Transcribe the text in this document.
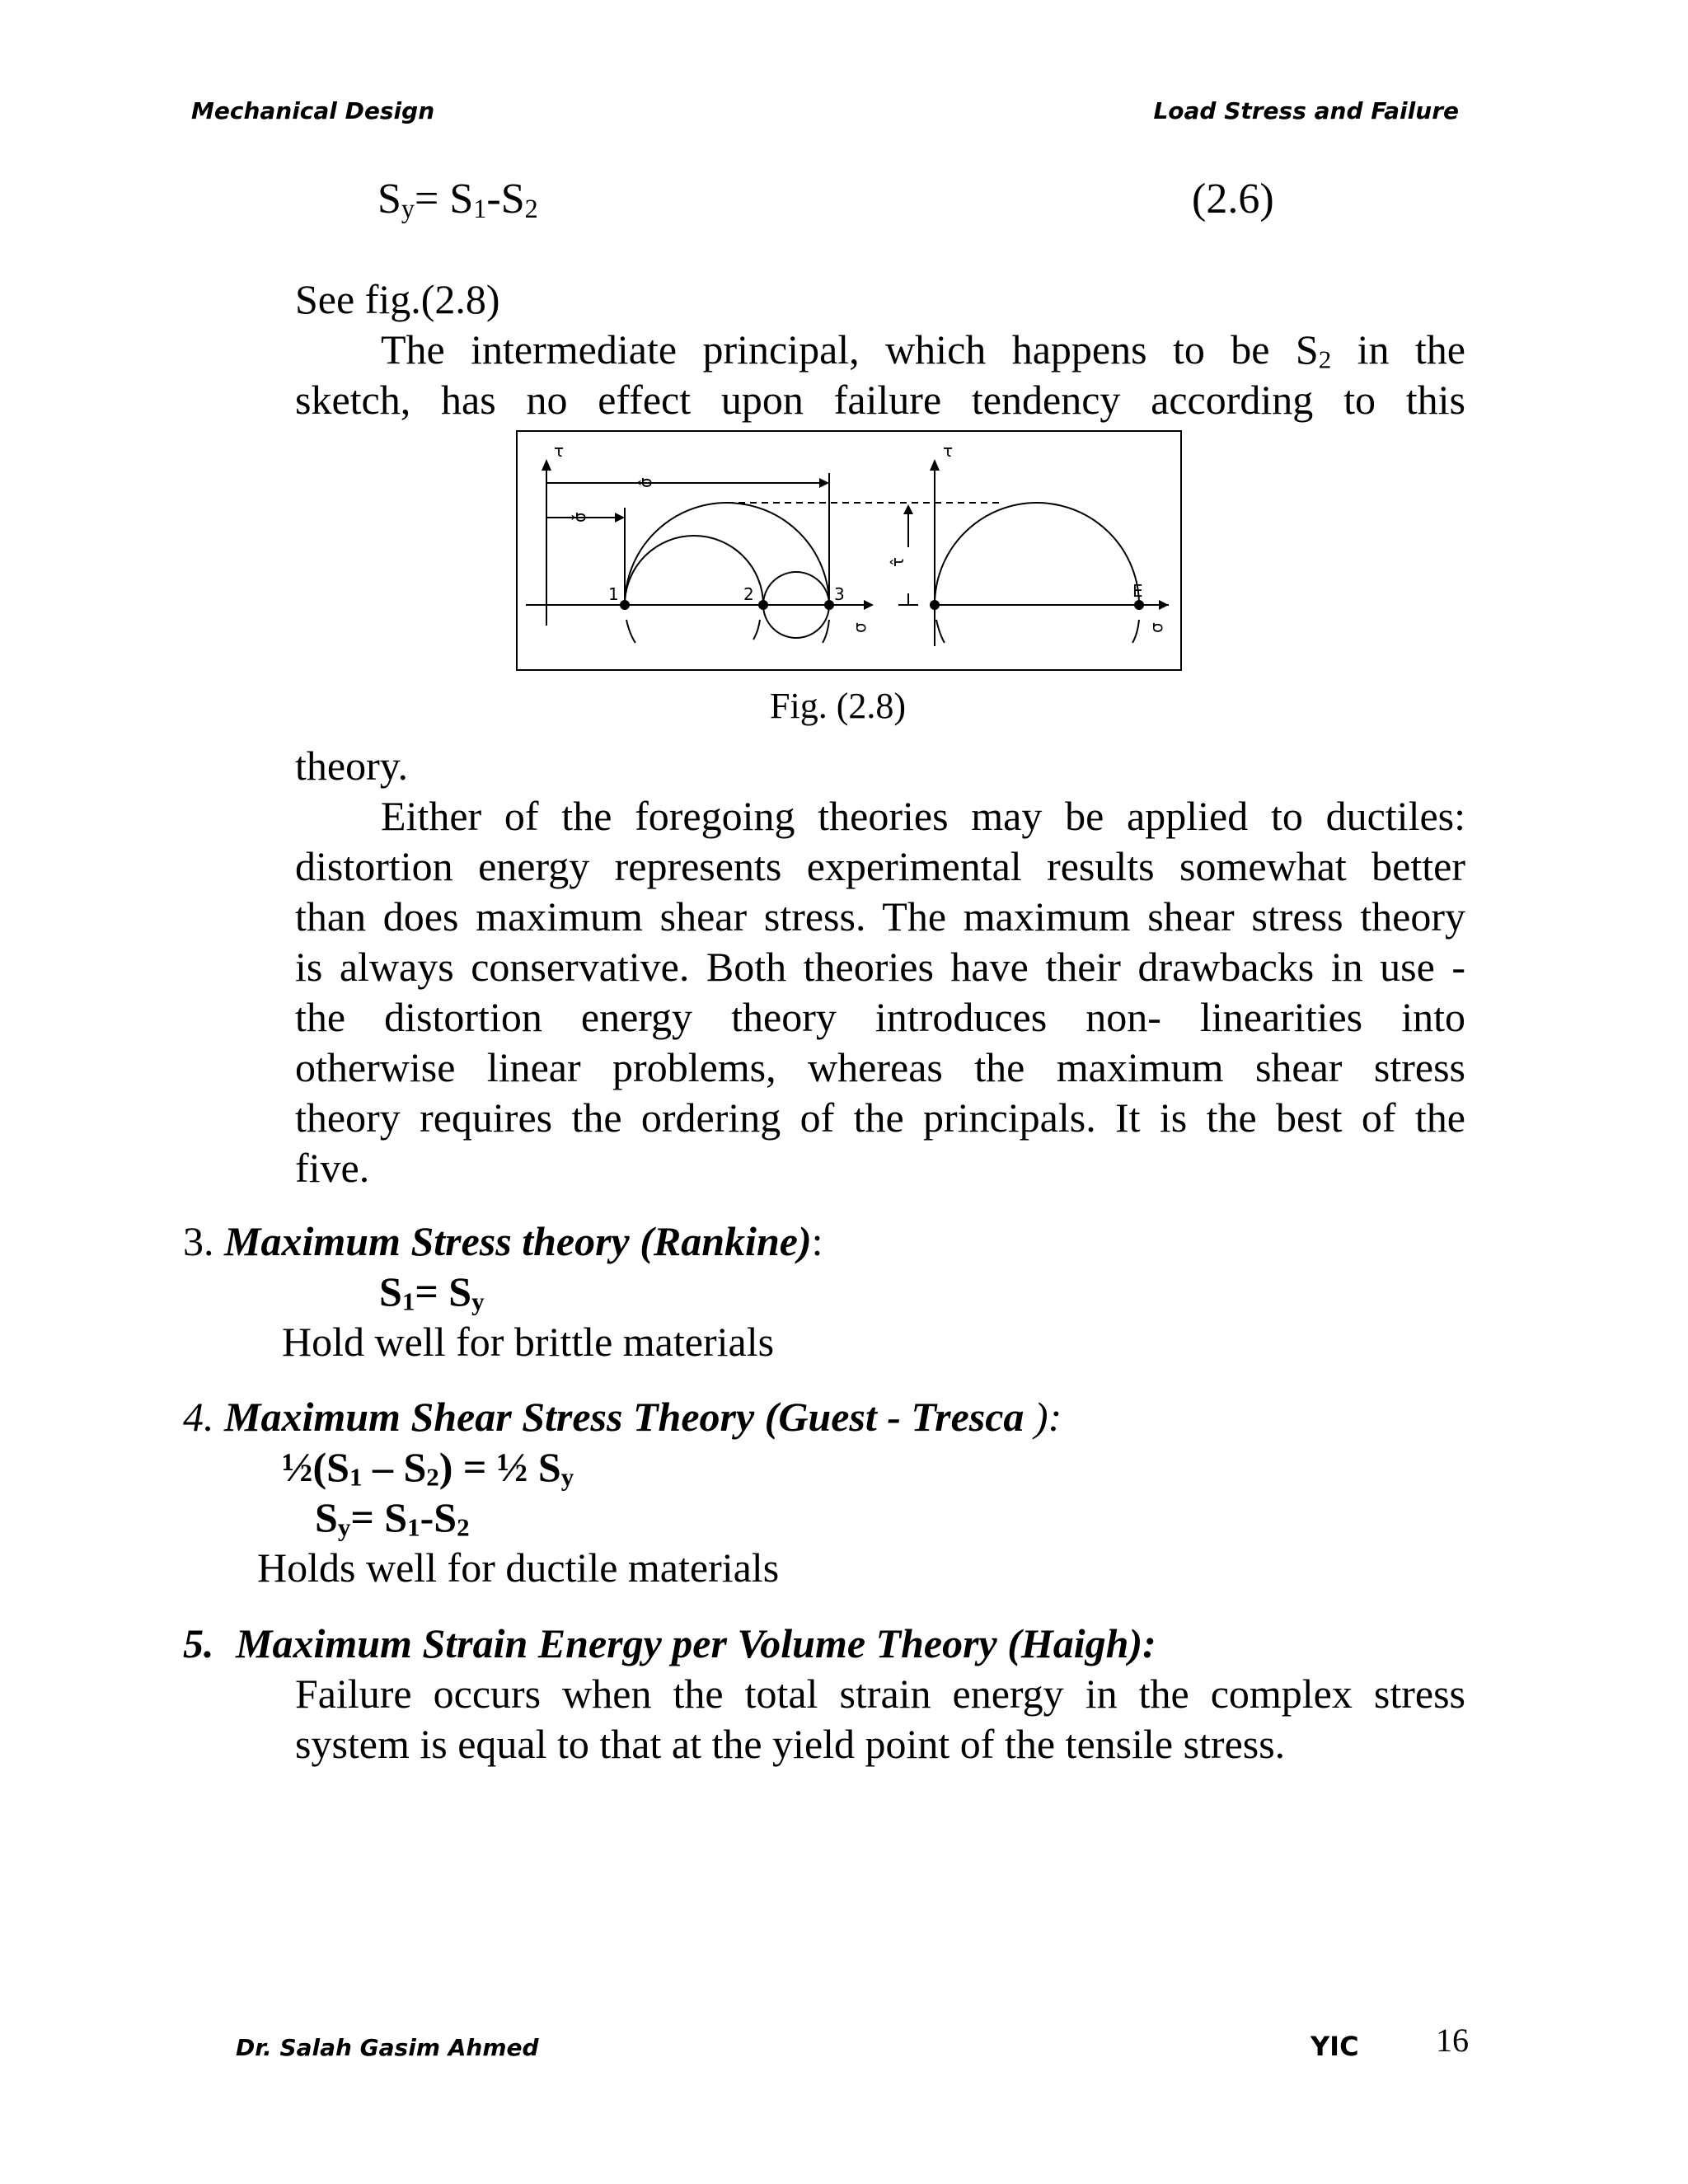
Mechanical Design	Load Stress and Failure
$S_y= S_1-S_2$	(2.6)
See fig.(2.8)
The intermediate principal, which happens to be $S_2$ in the
sketch, has no effect upon failure tendency according to this
τ
σ
σ̂
σ̌
1	2	3
τ̂
τ
σ
E
Fig. (2.8)
theory.
Either of the foregoing theories may be applied to ductiles:
distortion energy represents experimental results somewhat better
than does maximum shear stress. The maximum shear stress theory
is always conservative. Both theories have their drawbacks in use -
the distortion energy theory introduces non- linearities into
otherwise linear problems, whereas the maximum shear stress
theory requires the ordering of the principals. It is the best of the
five.
3. Maximum Stress theory (Rankine):
$S_1= S_y$
Hold well for brittle materials
4. Maximum Shear Stress Theory (Guest - Tresca ):
$\frac{1}{2}(S_1 - S_2)$ = ½ $S_y$
$S_y= S_1-S_2$
Holds well for ductile materials
5. Maximum Strain Energy per Volume Theory (Haigh):
Failure occurs when the total strain energy in the complex stress
system is equal to that at the yield point of the tensile stress.
Dr. Salah Gasim Ahmed	YIC 16
